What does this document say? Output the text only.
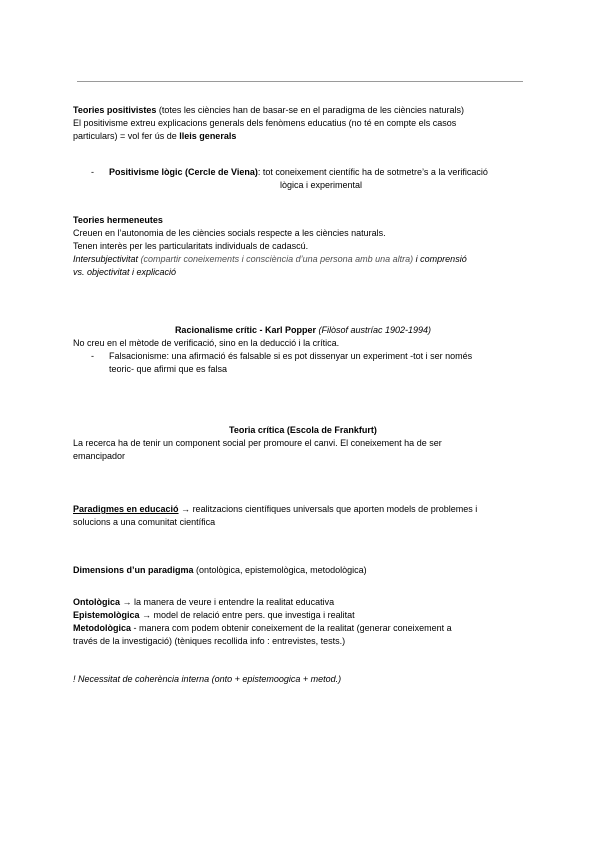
Teories positivistes (totes les ciències han de basar-se en el paradigma de les ciències naturals)
El positivisme extreu explicacions generals dels fenòmens educatius (no té en compte els casos
particulars) = vol fer ús de lleis generals
-	Positivisme lògic (Cercle de Viena): tot coneixement científic ha de sotmetre’s a la verificació
lògica i experimental
Teories hermeneutes
Creuen en l’autonomia de les ciències socials respecte a les ciències naturals.
Tenen interès per les particularitats individuals de cadascú.
Intersubjectivitat (compartir coneixements i consciència d’una persona amb una altra) i comprensió
vs. objectivitat i explicació
Racionalisme crític - Karl Popper (Filòsof austríac 1902-1994)
No creu en el mètode de verificació, sino en la deducció i la crítica.
-	Falsacionisme: una afirmació és falsable si es pot dissenyar un experiment -tot i ser només
teoric- que afirmi que es falsa
Teoria crítica (Escola de Frankfurt)
La recerca ha de tenir un component social per promoure el canvi. El coneixement ha de ser
emancipador
Paradigmes en educació → realitzacions científiques universals que aporten models de problemes i
solucions a una comunitat científica
Dimensions d’un paradigma (ontològica, epistemològica, metodològica)
Ontològica → la manera de veure i entendre la realitat educativa
Epistemològica → model de relació entre pers. que investiga i realitat
Metodològica - manera com podem obtenir coneixement de la realitat (generar coneixement a
través de la investigació) (tèniques recollida info : entrevistes, tests.)
! Necessitat de coherència interna (onto + epistemoogica + metod.)
